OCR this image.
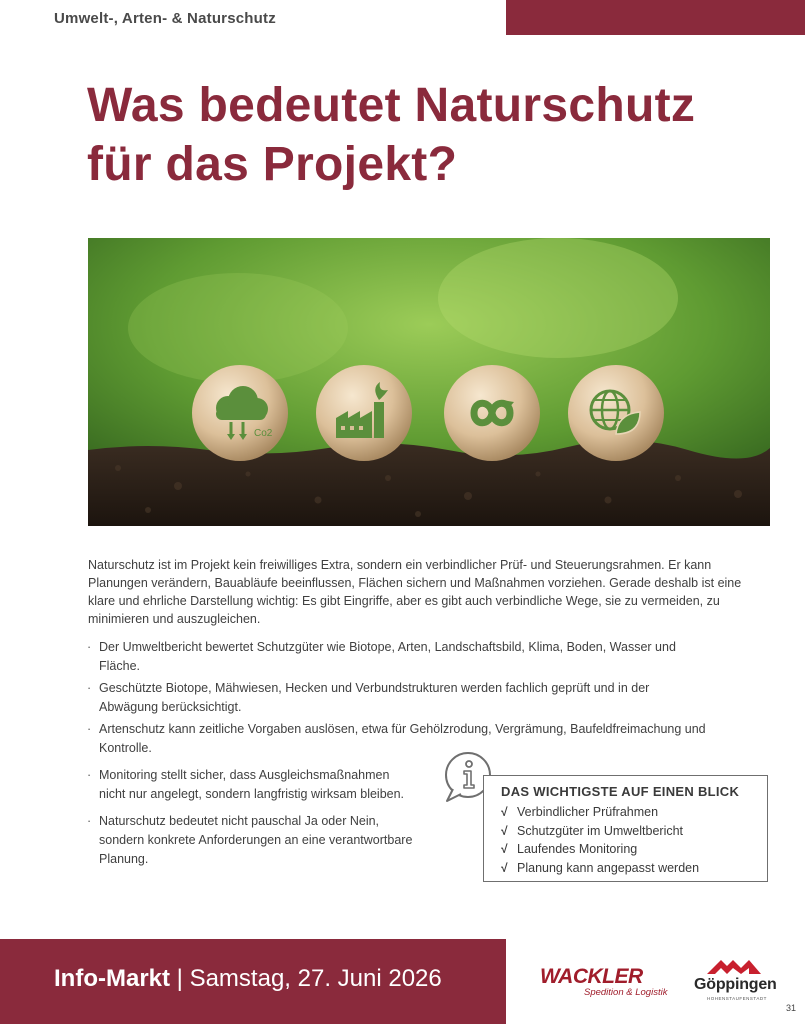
Umwelt-, Arten- & Naturschutz
Was bedeutet Naturschutz
für das Projekt?
Co2

Naturschutz ist im Projekt kein freiwilliges Extra, sondern ein verbindlicher Prüf- und Steuerungsrahmen. Er kann Planungen verändern, Bauabläufe beeinflussen, Flächen sichern und Maßnahmen vorziehen. Gerade deshalb ist eine klare und ehrliche Darstellung wichtig: Es gibt Eingriffe, aber es gibt auch verbindliche Wege, sie zu vermeiden, zu minimieren und auszugleichen.

· Der Umweltbericht bewertet Schutzgüter wie Biotope, Arten, Landschaftsbild, Klima, Boden, Wasser und Fläche.
· Geschützte Biotope, Mähwiesen, Hecken und Verbundstrukturen werden fachlich geprüft und in der Abwägung berücksichtigt.
· Artenschutz kann zeitliche Vorgaben auslösen, etwa für Gehölzrodung, Vergrämung, Baufeldfreimachung und Kontrolle.
· Monitoring stellt sicher, dass Ausgleichsmaßnahmen nicht nur angelegt, sondern langfristig wirksam bleiben.
· Naturschutz bedeutet nicht pauschal Ja oder Nein, sondern konkrete Anforderungen an eine verantwortbare Planung.
DAS WICHTIGSTE AUF EINEN BLICK
√ Verbindlicher Prüfrahmen
√ Schutzgüter im Umweltbericht
√ Laufendes Monitoring
√ Planung kann angepasst werden
Info-Markt | Samstag, 27. Juni 2026	WACKLER
Spedition & Logistik Göppingen
HOHENSTAUFENSTADT
31
